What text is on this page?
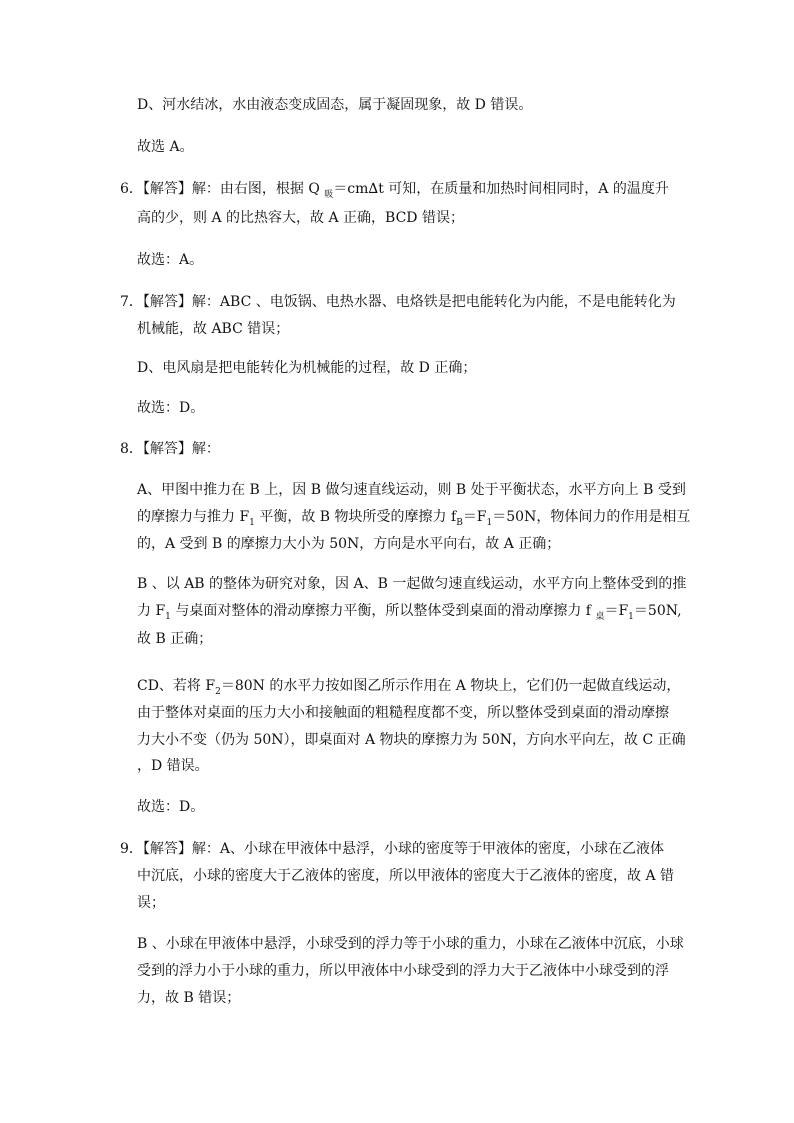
D、河水结冰，水由液态变成固态，属于凝固现象，故 D 错误。
故选 A。
6．【解答】解：由右图，根据 Q $_吸$＝cm∆t 可知，在质量和加热时间相同时，A 的温度升
高的少，则 A 的比热容大，故 A 正确，BCD 错误；
故选：A。
7．【解答】解：ABC 、电饭锅、电热水器、电烙铁是把电能转化为内能，不是电能转化为
机械能，故 ABC 错误；
D、电风扇是把电能转化为机械能的过程，故 D 正确；
故选：D。
8．【解答】解：
A、甲图中推力在 B 上，因 B 做匀速直线运动，则 B 处于平衡状态，水平方向上 B 受到
的摩擦力与推力 $F_1$ 平衡，故 B 物块所受的摩擦力 $f_B=F_1=50N$，物体间力的作用是相互
的，A 受到 B 的摩擦力大小为 50N，方向是水平向右，故 A 正确；
B 、以 AB 的整体为研究对象，因 A、B 一起做匀速直线运动，水平方向上整体受到的推
力 $F_1$ 与桌面对整体的滑动摩擦力平衡，所以整体受到桌面的滑动摩擦力 f $_桌=F_1=50N$,
故 B 正确；
CD、若将 $F_2=80N$ 的水平力按如图乙所示作用在 A 物块上，它们仍一起做直线运动，
由于整体对桌面的压力大小和接触面的粗糙程度都不变，所以整体受到桌面的滑动摩擦
力大小不变（仍为 50N），即桌面对 A 物块的摩擦力为 50N，方向水平向左，故 C 正确
，D 错误。
故选：D。
9．【解答】解：A、小球在甲液体中悬浮，小球的密度等于甲液体的密度，小球在乙液体
中沉底，小球的密度大于乙液体的密度，所以甲液体的密度大于乙液体的密度，故 A 错
误；
B 、小球在甲液体中悬浮，小球受到的浮力等于小球的重力，小球在乙液体中沉底，小球
受到的浮力小于小球的重力，所以甲液体中小球受到的浮力大于乙液体中小球受到的浮
力，故 B 错误；
